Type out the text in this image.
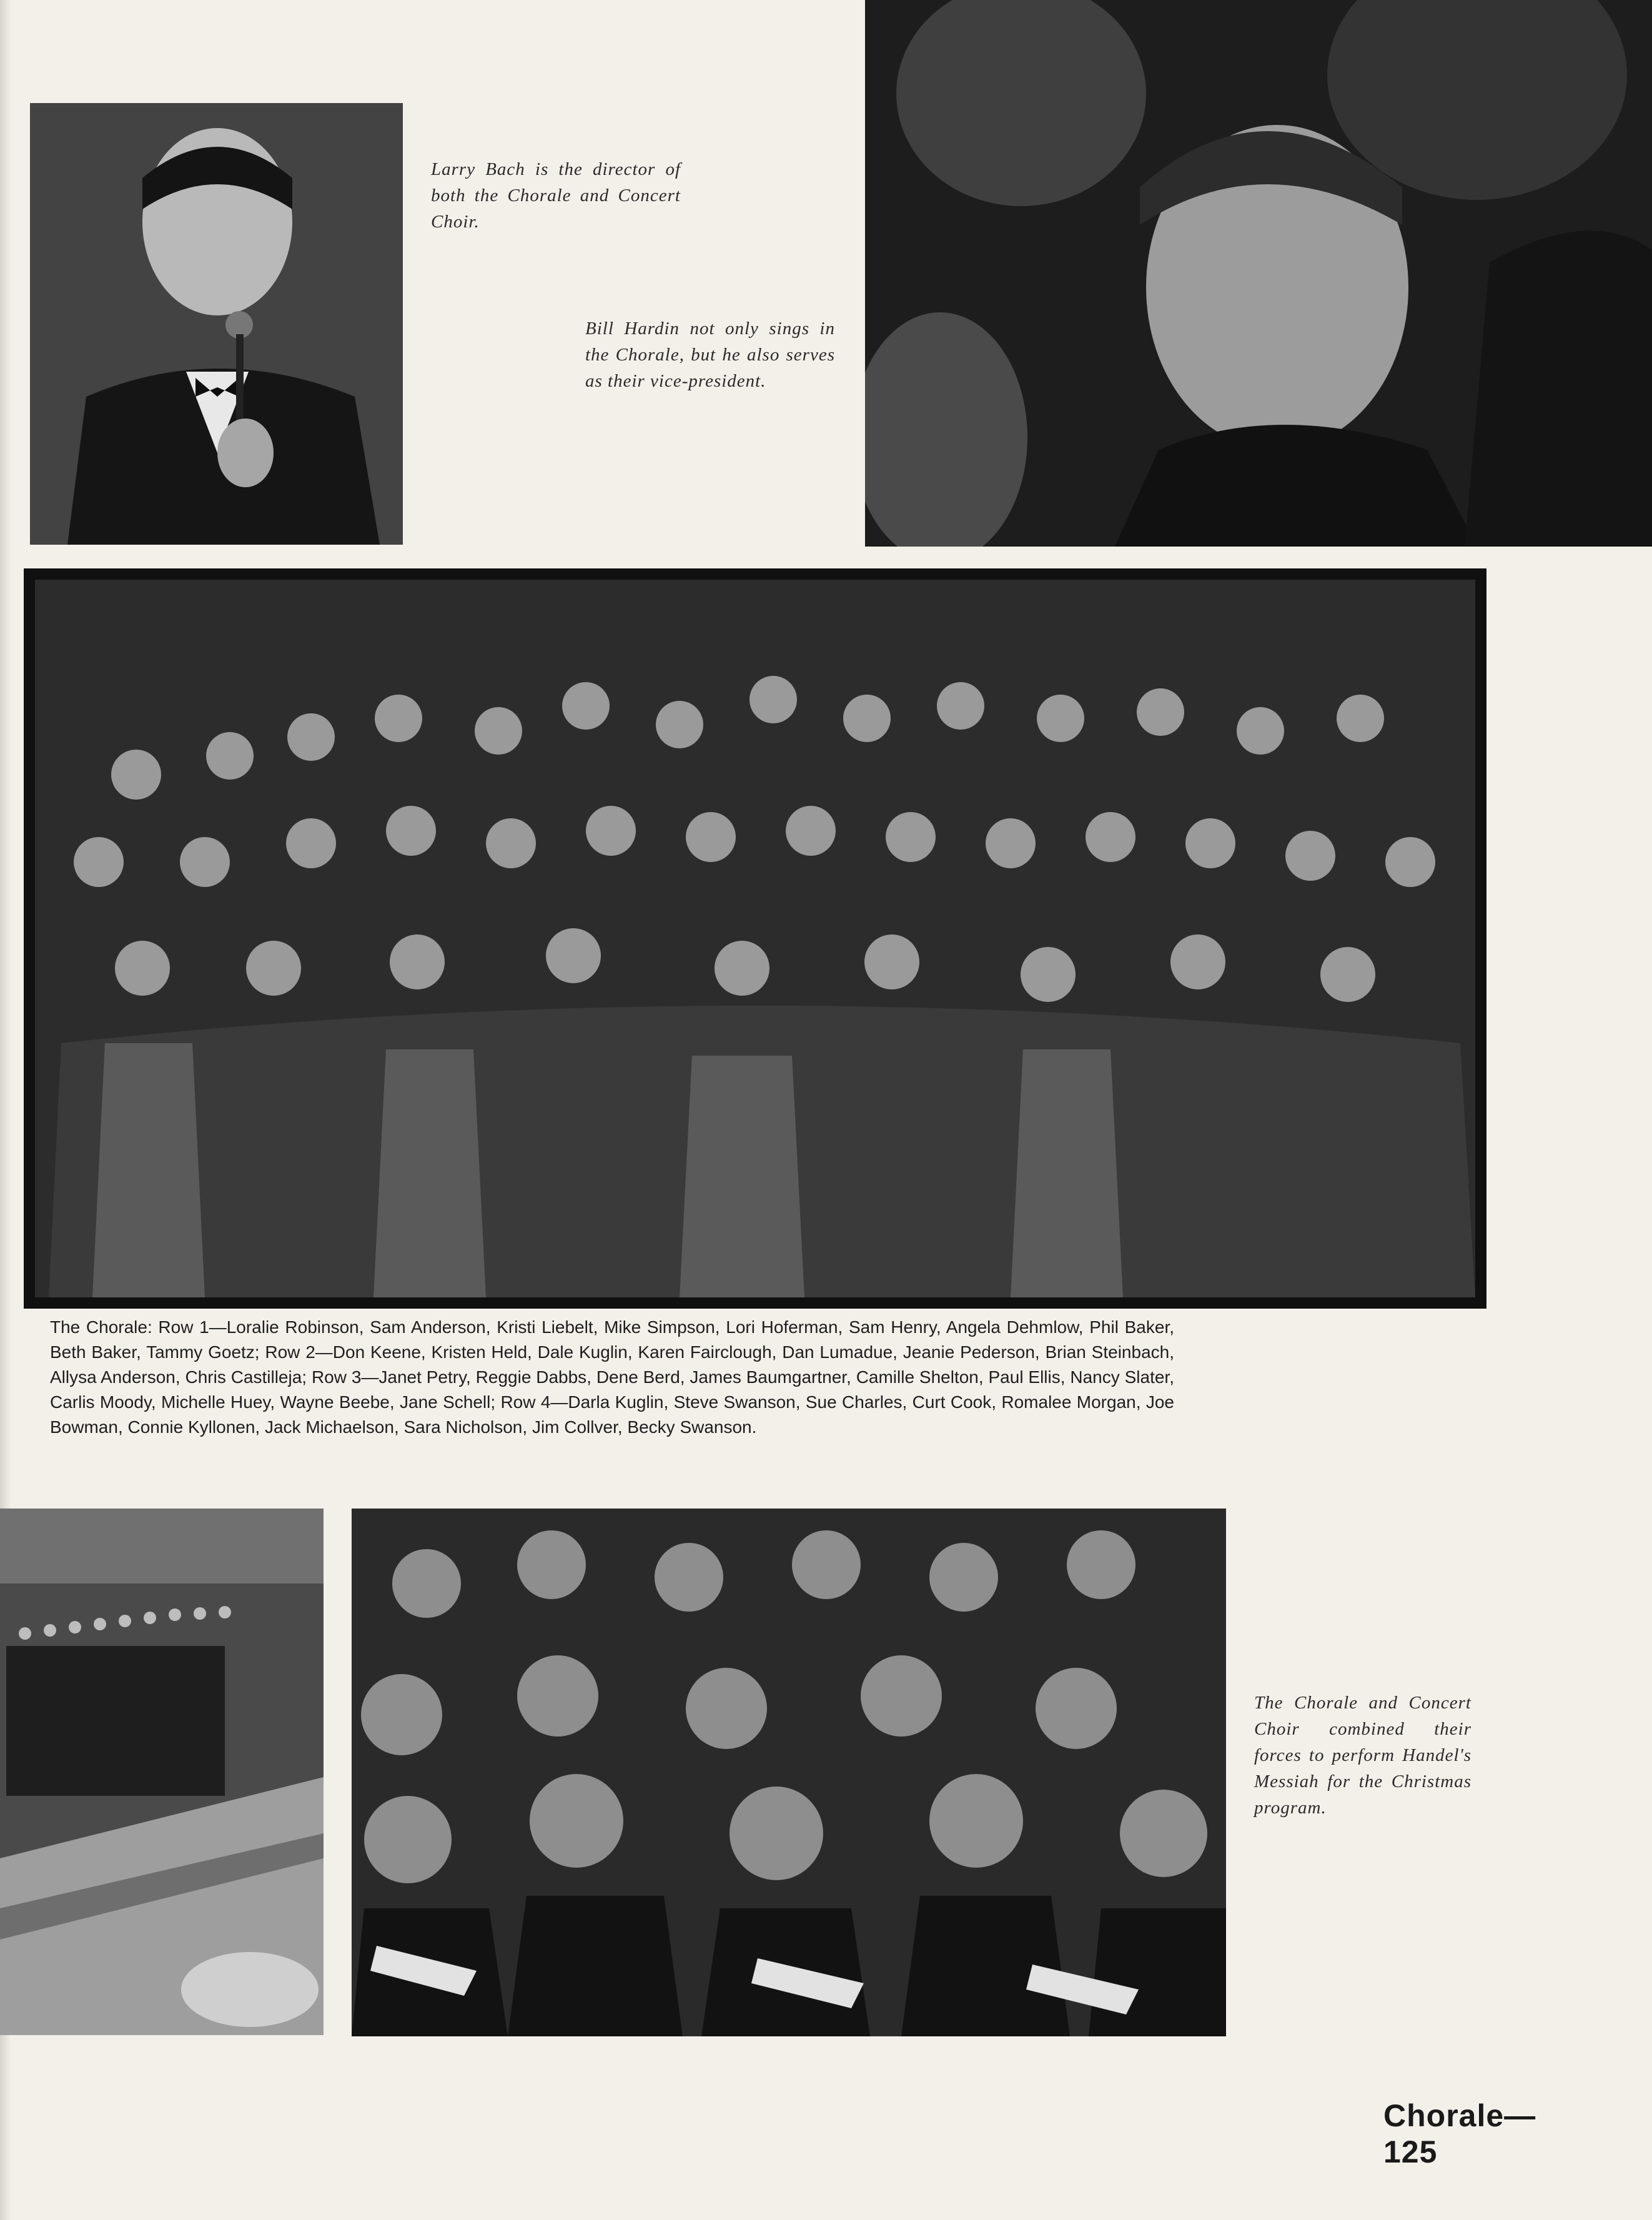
Larry Bach is the director of both the Chorale and Concert Choir.
Bill Hardin not only sings in the Chorale, but he also serves as their vice-president.
The Chorale: Row 1—Loralie Robinson, Sam Anderson, Kristi Liebelt, Mike Simpson, Lori Hoferman, Sam Henry, Angela Dehmlow, Phil Baker, Beth Baker, Tammy Goetz; Row 2—Don Keene, Kristen Held, Dale Kuglin, Karen Fairclough, Dan Lumadue, Jeanie Pederson, Brian Steinbach, Allysa Anderson, Chris Castilleja; Row 3—Janet Petry, Reggie Dabbs, Dene Berd, James Baumgartner, Camille Shelton, Paul Ellis, Nancy Slater, Carlis Moody, Michelle Huey, Wayne Beebe, Jane Schell; Row 4—Darla Kuglin, Steve Swanson, Sue Charles, Curt Cook, Romalee Morgan, Joe Bowman, Connie Kyllonen, Jack Michaelson, Sara Nicholson, Jim Collver, Becky Swanson.
The Chorale and Concert Choir combined their forces to perform Handel's Messiah for the Christmas program.
Chorale—125
